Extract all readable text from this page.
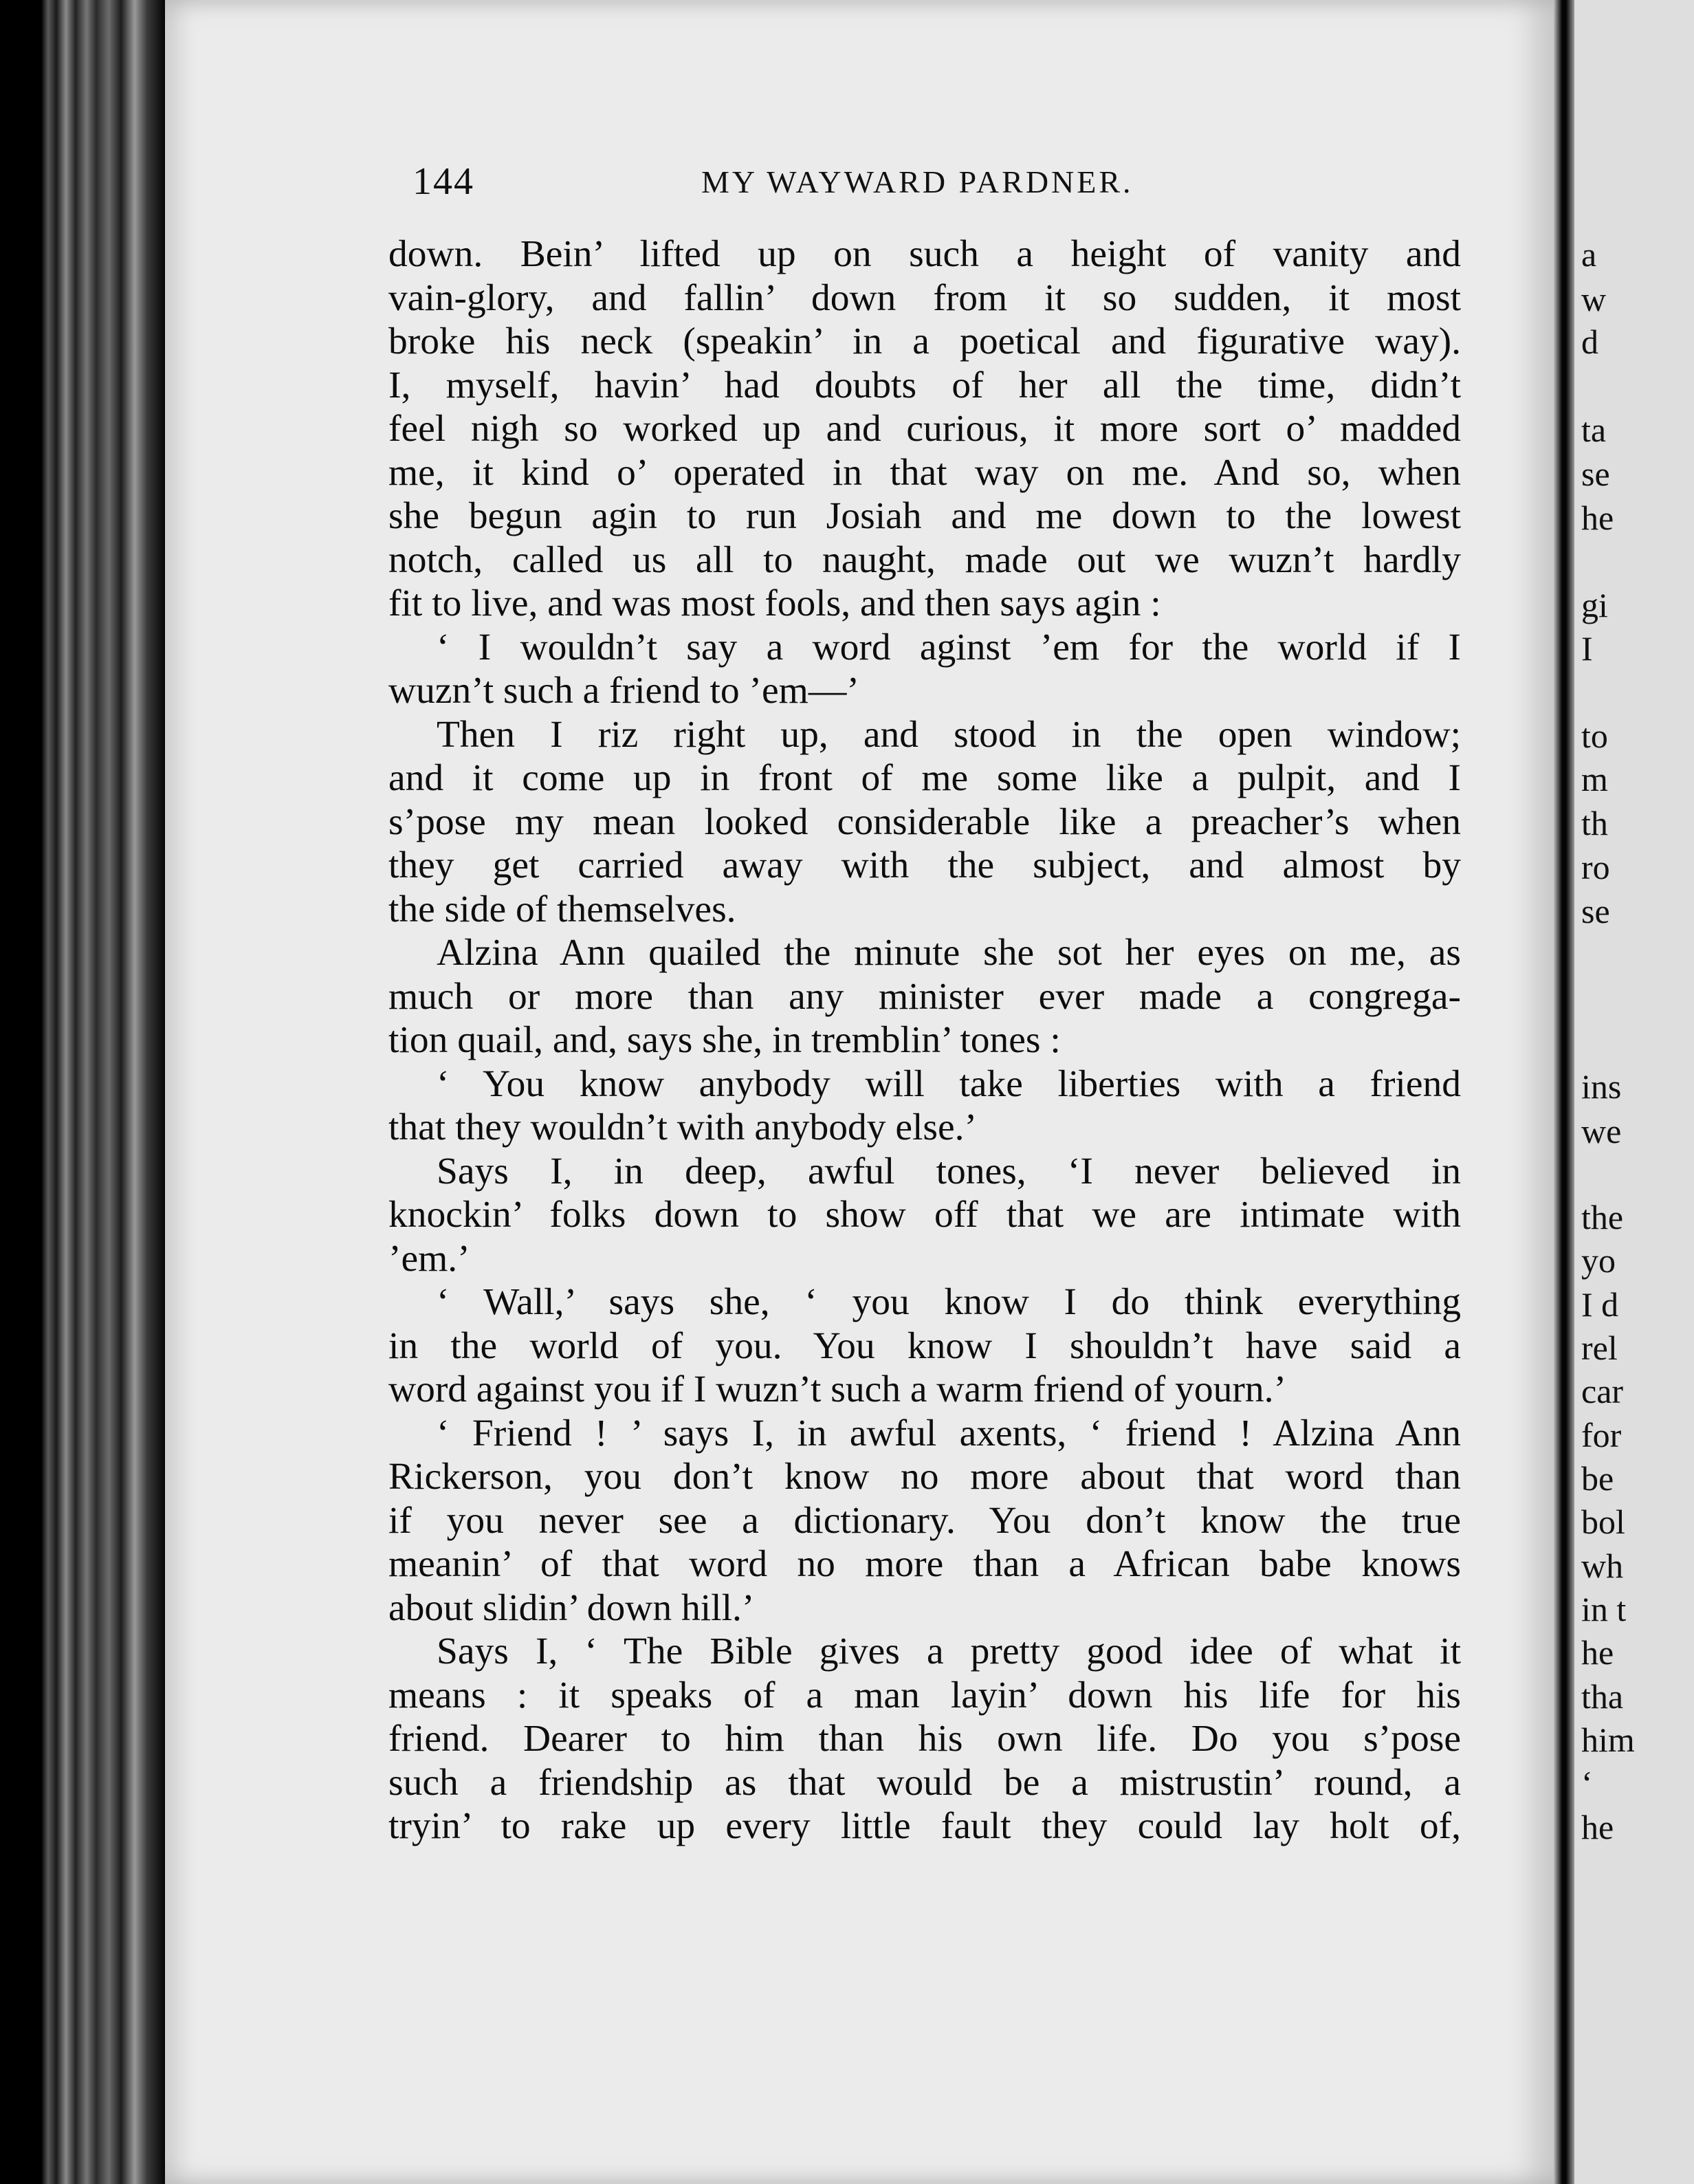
144	MY WAYWARD PARDNER.
down. Bein’ lifted up on such a height of vanity and
vain-glory, and fallin’ down from it so sudden, it most
broke his neck (speakin’ in a poetical and figurative way).
I, myself, havin’ had doubts of her all the time, didn’t
feel nigh so worked up and curious, it more sort o’ madded
me, it kind o’ operated in that way on me. And so, when
she begun agin to run Josiah and me down to the lowest
notch, called us all to naught, made out we wuzn’t hardly
fit to live, and was most fools, and then says agin :
‘ I wouldn’t say a word aginst ’em for the world if I
wuzn’t such a friend to ’em—’
Then I riz right up, and stood in the open window;
and it come up in front of me some like a pulpit, and I
s’pose my mean looked considerable like a preacher’s when
they get carried away with the subject, and almost by
the side of themselves.
Alzina Ann quailed the minute she sot her eyes on me, as
much or more than any minister ever made a congrega-
tion quail, and, says she, in tremblin’ tones :
‘ You know anybody will take liberties with a friend
that they wouldn’t with anybody else.’
Says I, in deep, awful tones, ‘I never believed in
knockin’ folks down to show off that we are intimate with
’em.’
‘ Wall,’ says she, ‘ you know I do think everything
in the world of you. You know I shouldn’t have said a
word against you if I wuzn’t such a warm friend of yourn.’
‘ Friend ! ’ says I, in awful axents, ‘ friend ! Alzina Ann
Rickerson, you don’t know no more about that word than
if you never see a dictionary. You don’t know the true
meanin’ of that word no more than a African babe knows
about slidin’ down hill.’
Says I, ‘ The Bible gives a pretty good idee of what it
means : it speaks of a man layin’ down his life for his
friend. Dearer to him than his own life. Do you s’pose
such a friendship as that would be a mistrustin’ round, a
tryin’ to rake up every little fault they could lay holt of,
a
w
d
ta
se
he
gi
I
to
m
th
ro
se
ins
we
the
yo
I d
rel
car
for
be
bol
wh
in t
he
tha
him
‘
he
